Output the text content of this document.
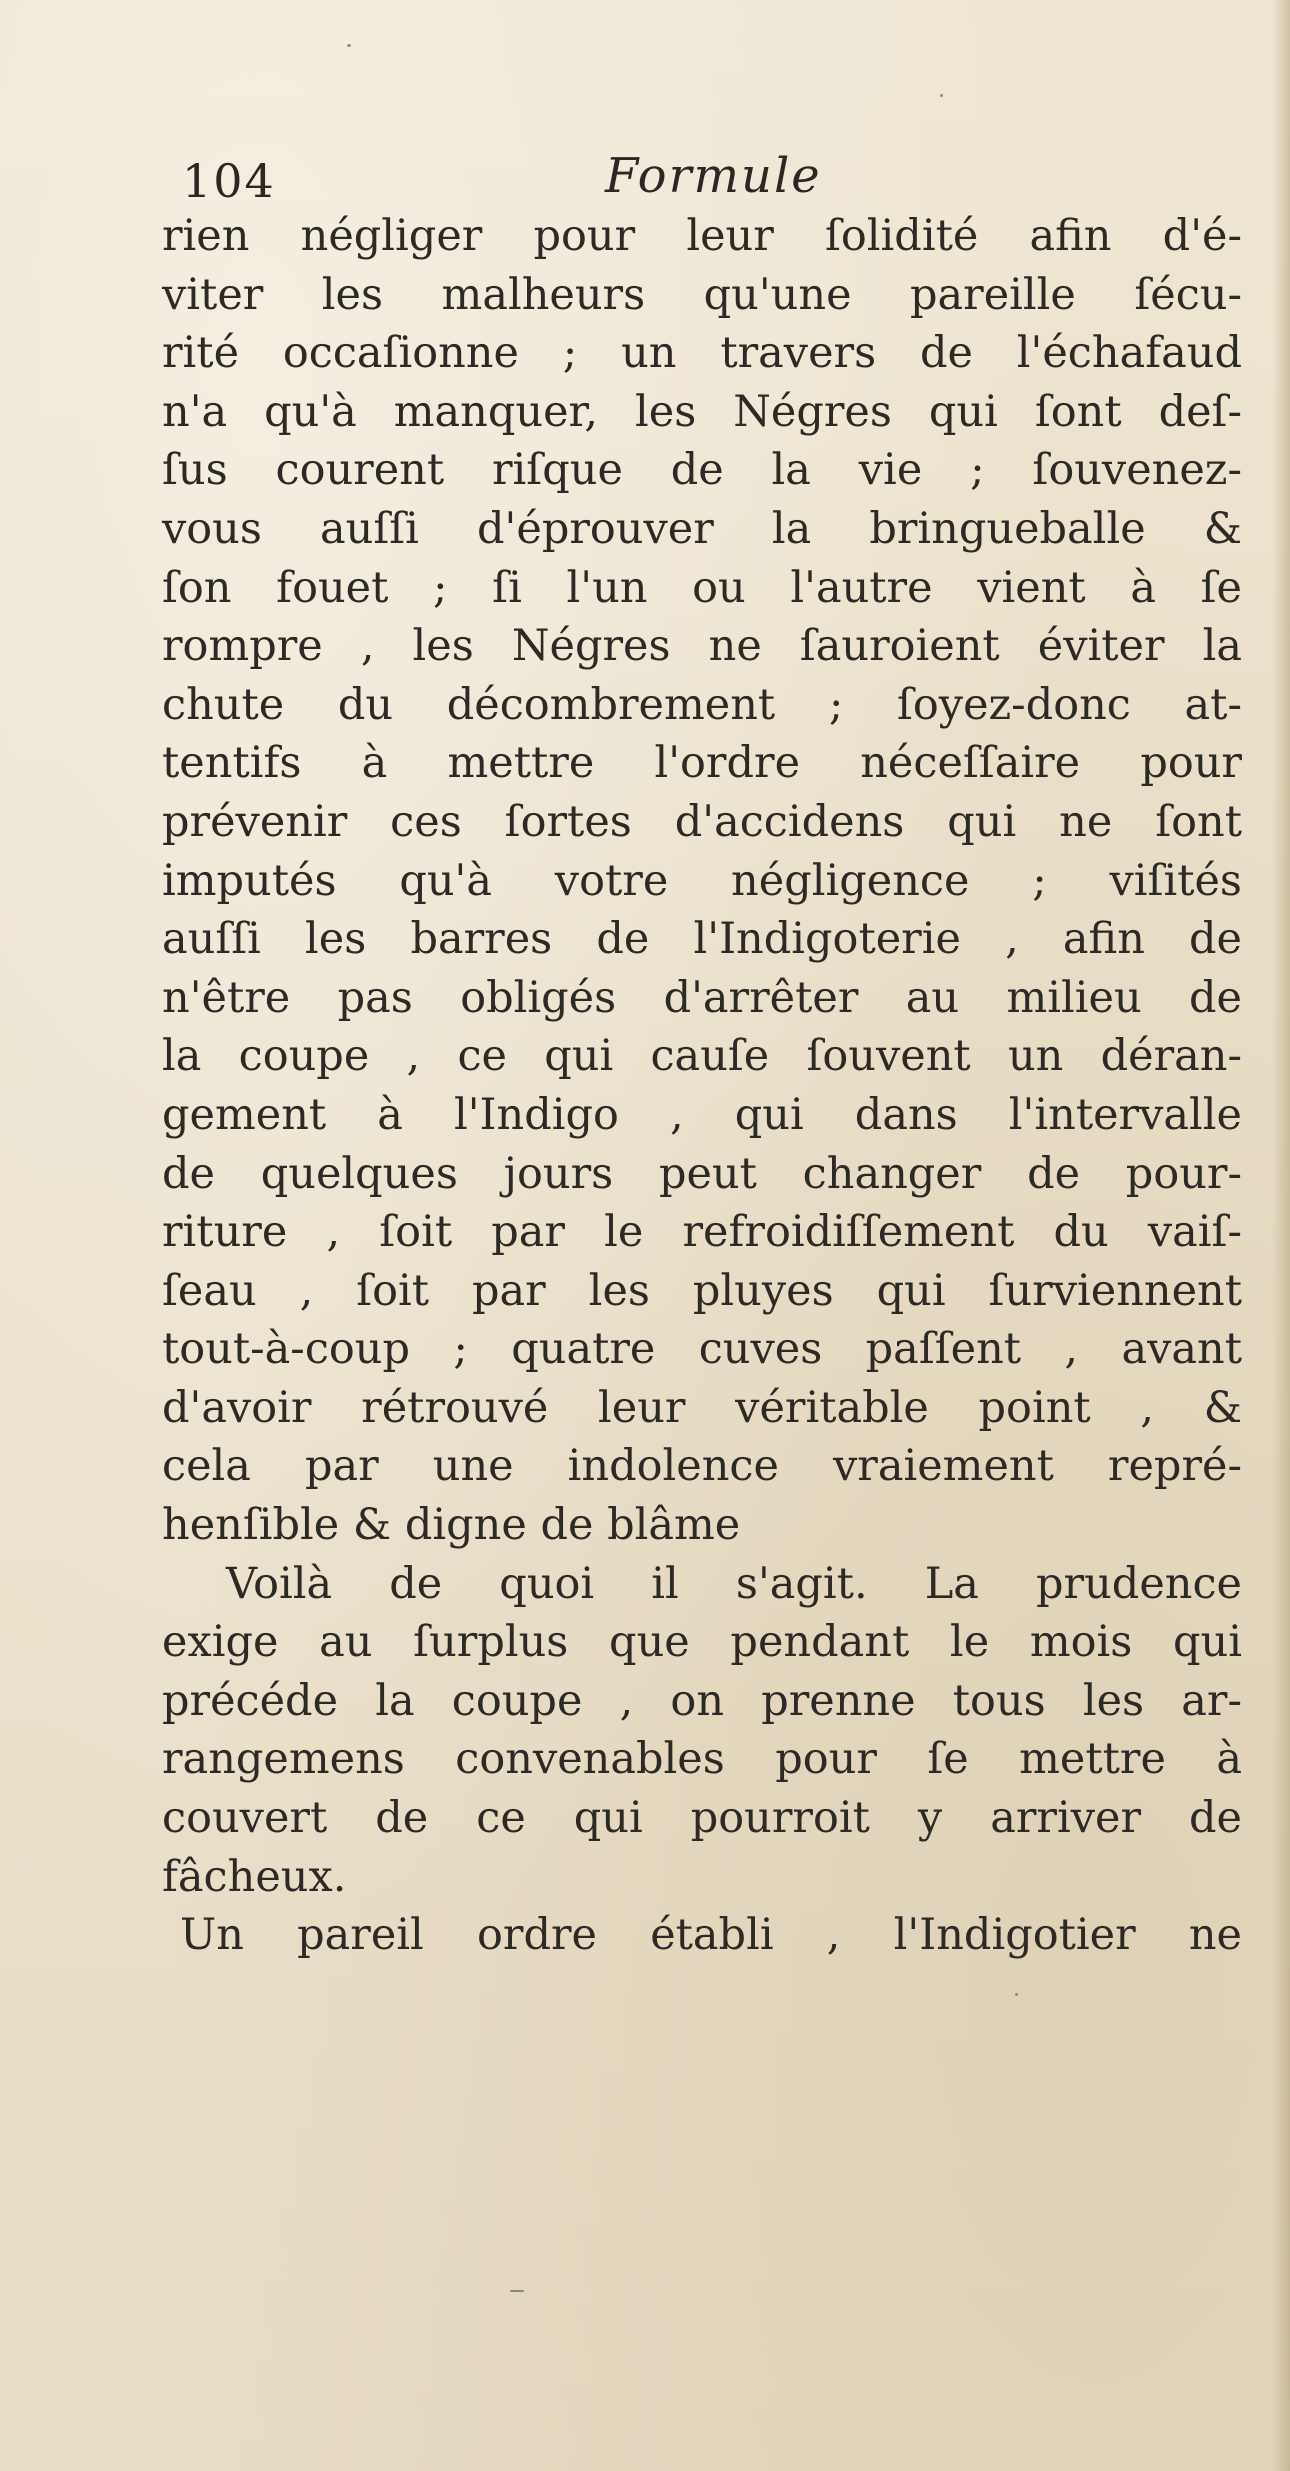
104	Formule
rien négliger pour leur ſolidité afin d'é-
viter les malheurs qu'une pareille ſécu-
rité occaſionne ; un travers de l'échafaud
n'a qu'à manquer, les Négres qui ſont deſ-
ſus courent riſque de la vie ; ſouvenez-
vous auſſi d'éprouver la bringueballe &
ſon fouet ; ſi l'un ou l'autre vient à ſe
rompre , les Négres ne ſauroient éviter la
chute du décombrement ; ſoyez-donc at-
tentifs à mettre l'ordre néceſſaire pour
prévenir ces ſortes d'accidens qui ne ſont
imputés qu'à votre négligence ; viſités
auſſi les barres de l'Indigoterie , afin de
n'être pas obligés d'arrêter au milieu de
la coupe , ce qui cauſe ſouvent un déran-
gement à l'Indigo , qui dans l'intervalle
de quelques jours peut changer de pour-
riture , ſoit par le refroidiſſement du vaiſ-
ſeau , ſoit par les pluyes qui ſurviennent
tout-à-coup ; quatre cuves paſſent , avant
d'avoir rétrouvé leur véritable point , &
cela par une indolence vraiement repré-
henſible & digne de blâme
Voilà de quoi il s'agit. La prudence
exige au ſurplus que pendant le mois qui
précéde la coupe , on prenne tous les ar-
rangemens convenables pour ſe mettre à
couvert de ce qui pourroit y arriver de
fâcheux.
Un pareil ordre établi , l'Indigotier ne
